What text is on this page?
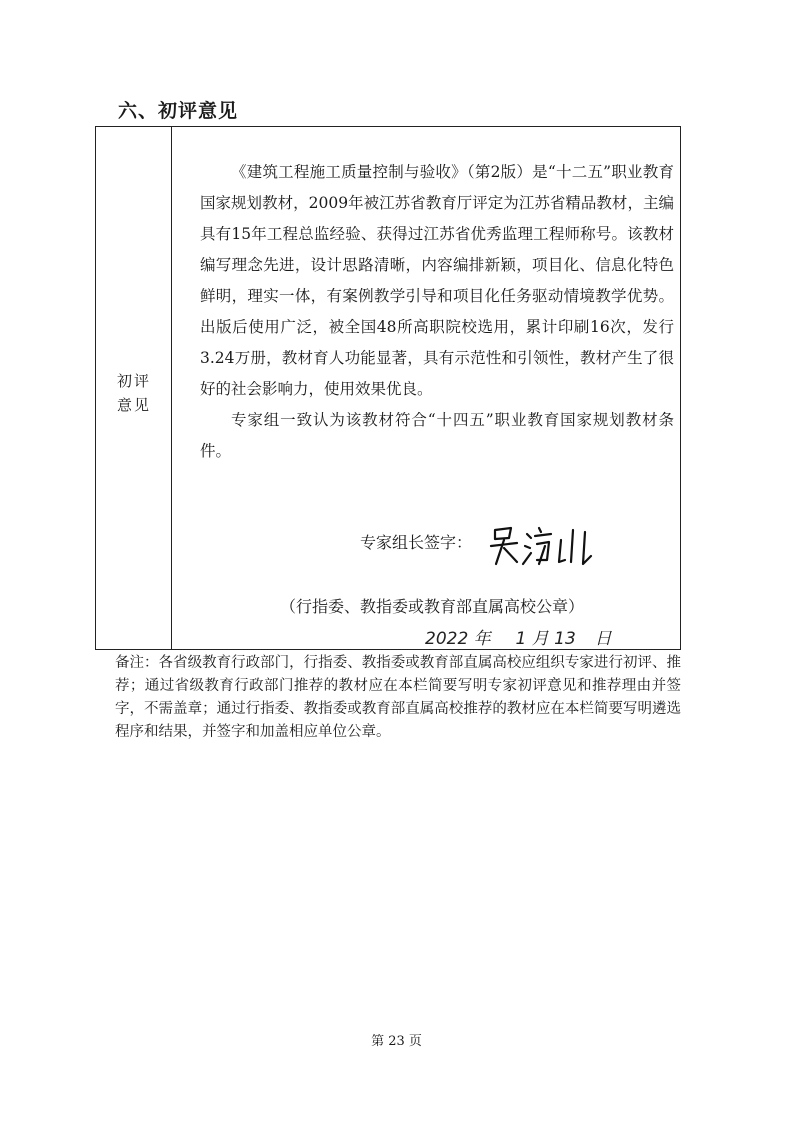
六、初评意见
初评
意见

《建筑工程施工质量控制与验收》（第2版）是“十二五”职业教育国家规划教材，2009年被江苏省教育厅评定为江苏省精品教材，主编具有15年工程总监经验、获得过江苏省优秀监理工程师称号。该教材编写理念先进，设计思路清晰，内容编排新颖，项目化、信息化特色鲜明，理实一体，有案例教学引导和项目化任务驱动情境教学优势。出版后使用广泛，被全国48所高职院校选用，累计印刷16次，发行3.24万册，教材育人功能显著，具有示范性和引领性，教材产生了很好的社会影响力，使用效果优良。

专家组一致认为该教材符合“十四五”职业教育国家规划教材条件。

专家组长签字：
（行指委、教指委或教育部直属高校公章）
2022 年 1 月 13 日
备注：各省级教育行政部门，行指委、教指委或教育部直属高校应组织专家进行初评、推荐；通过省级教育行政部门推荐的教材应在本栏简要写明专家初评意见和推荐理由并签字，不需盖章；通过行指委、教指委或教育部直属高校推荐的教材应在本栏简要写明遴选程序和结果，并签字和加盖相应单位公章。
第 23 页
